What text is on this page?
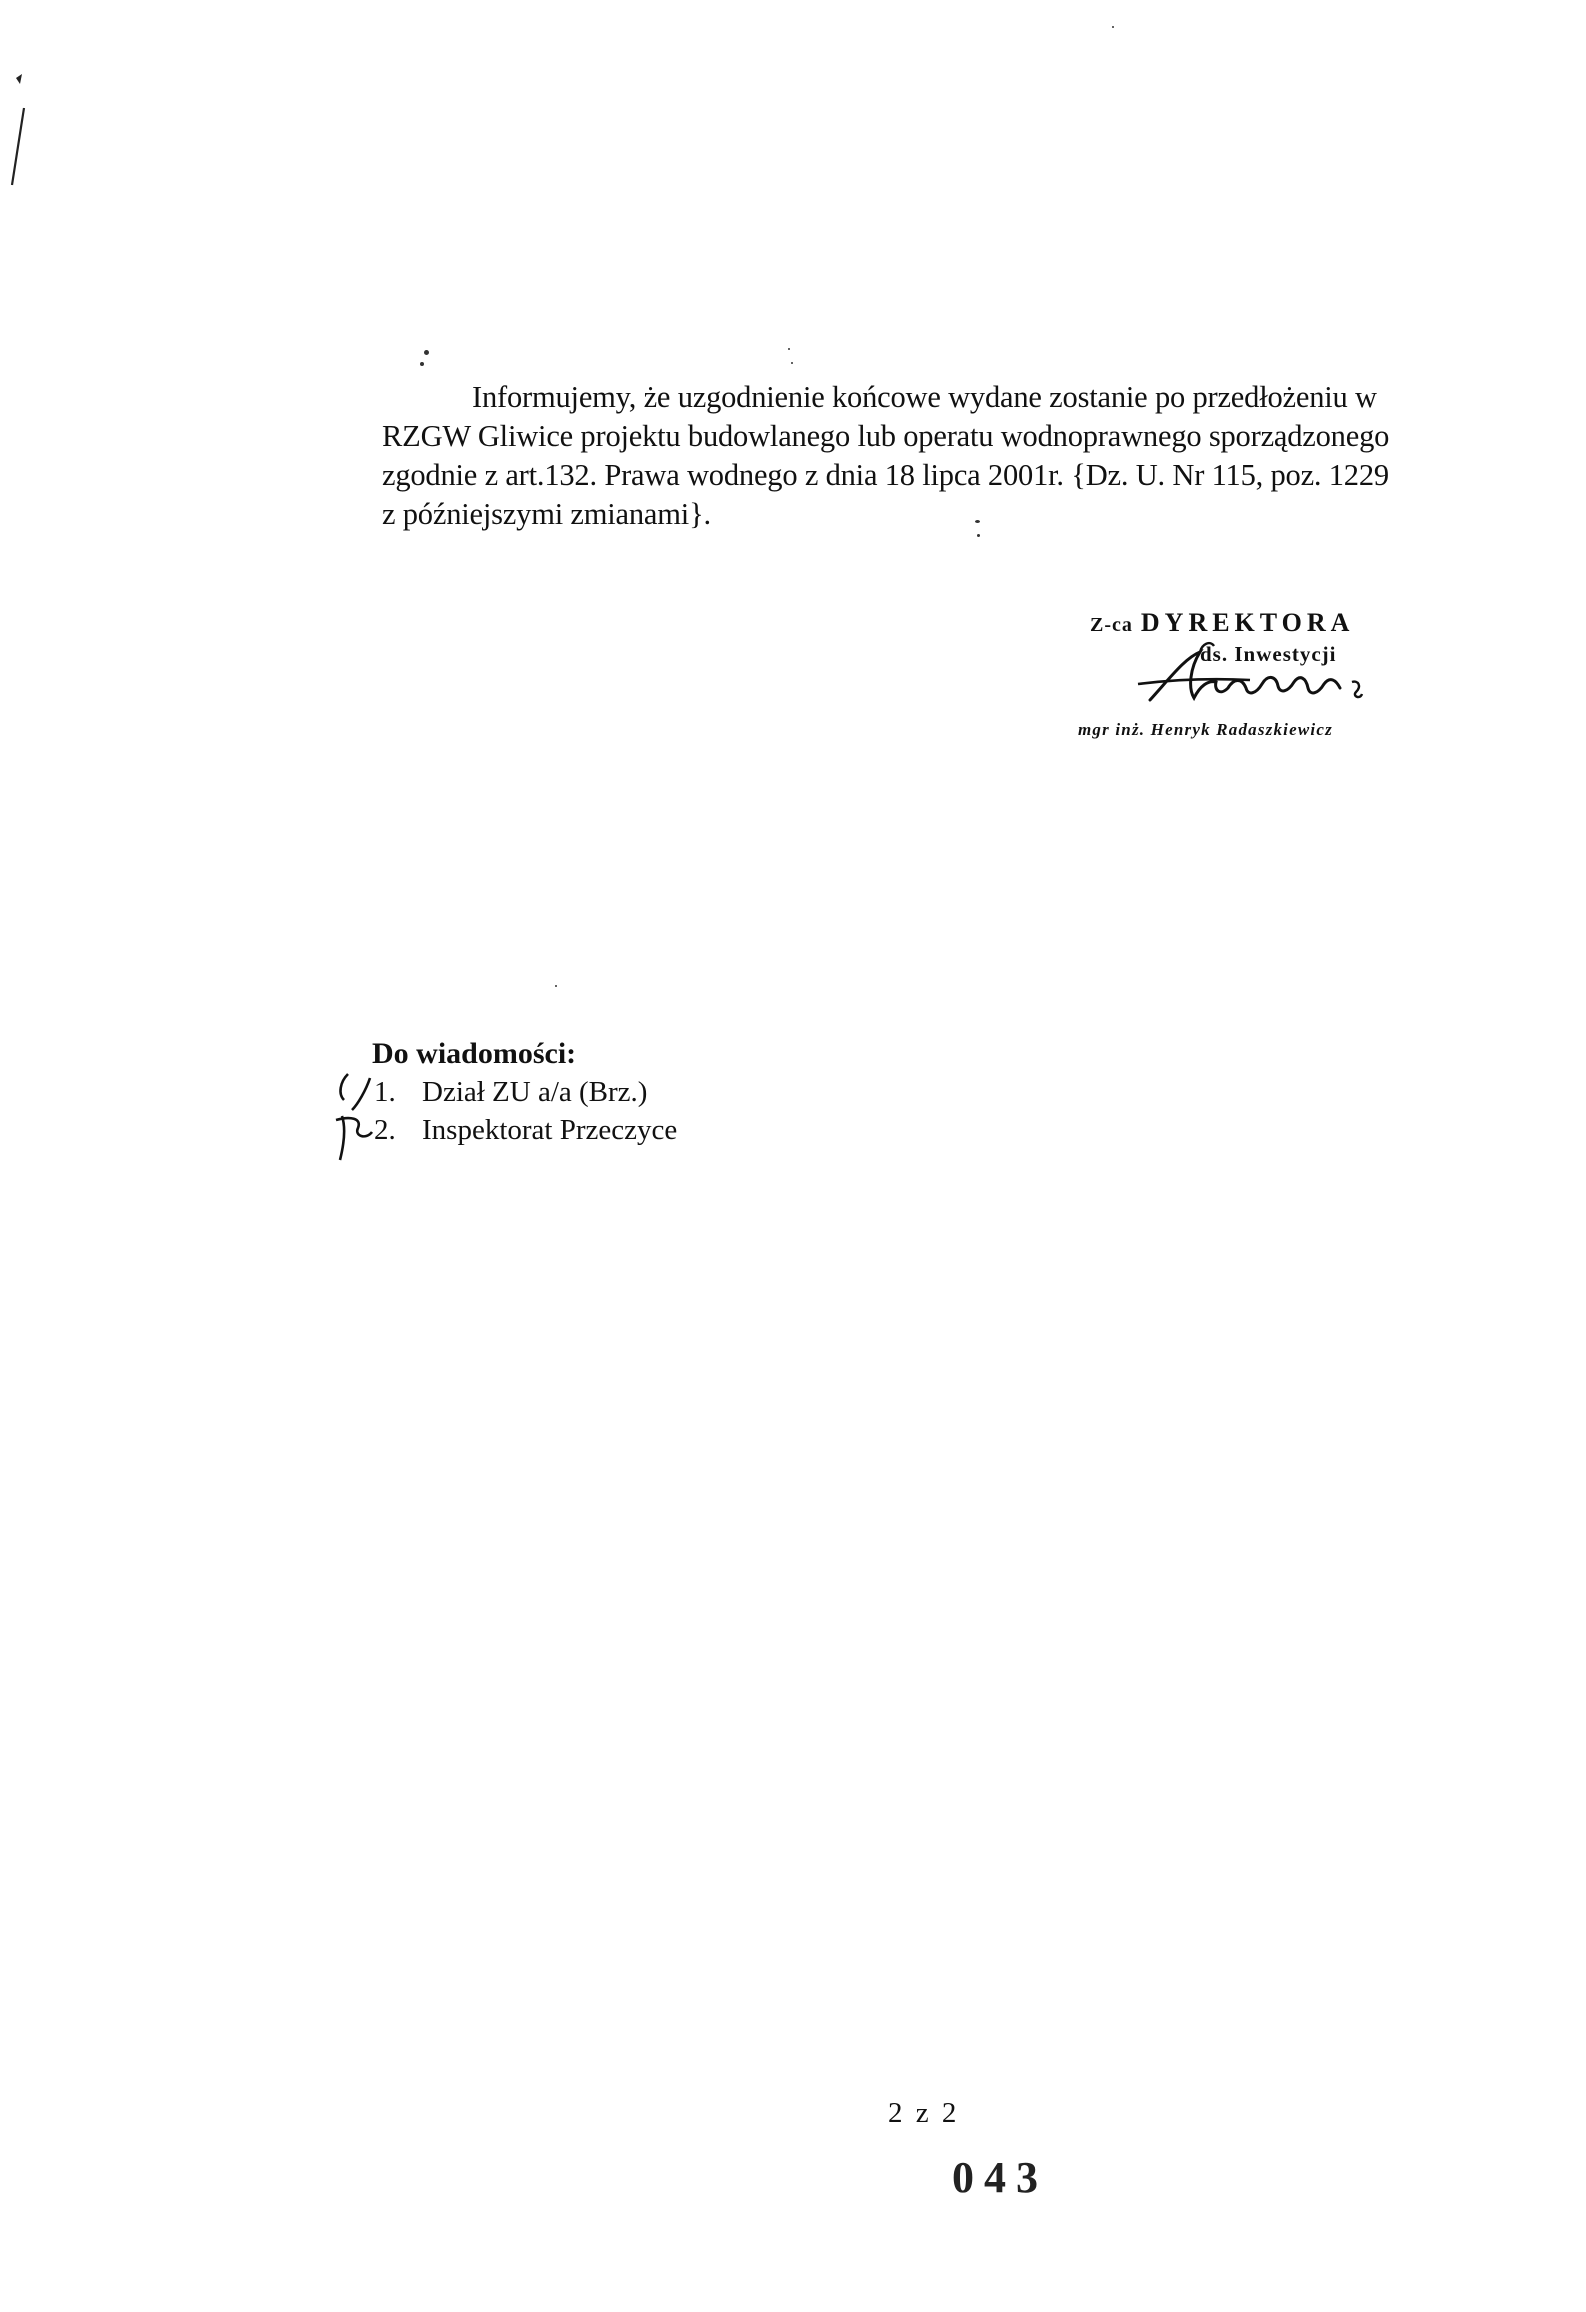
Informujemy, że uzgodnienie końcowe wydane zostanie po przedłożeniu w
RZGW Gliwice projektu budowlanego lub operatu wodnoprawnego sporządzonego
zgodnie z art.132. Prawa wodnego z dnia 18 lipca 2001r. {Dz. U. Nr 115, poz. 1229
z późniejszymi zmianami}.
Z-ca DYREKTORA
ds. Inwestycji
mgr inż. Henryk Radaszkiewicz
Do wiadomości:
1. Dział ZU a/a (Brz.)
2. Inspektorat Przeczyce
2 z 2
043
